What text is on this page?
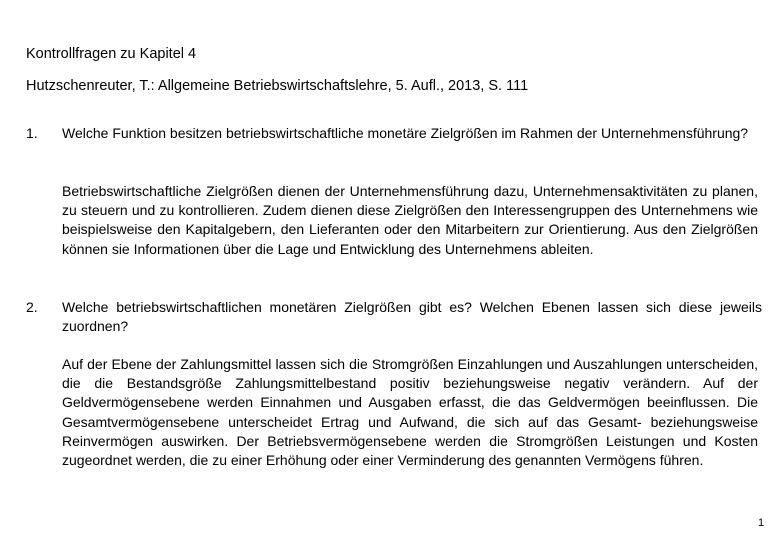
Kontrollfragen zu Kapitel 4
Hutzschenreuter, T.: Allgemeine Betriebswirtschaftslehre, 5. Aufl., 2013, S. 111
1. Welche Funktion besitzen betriebswirtschaftliche monetäre Zielgrößen im Rahmen der Unternehmensführung?
Betriebswirtschaftliche Zielgrößen dienen der Unternehmensführung dazu, Unternehmensaktivitäten zu planen, zu steuern und zu kontrollieren. Zudem dienen diese Zielgrößen den Interessengruppen des Unternehmens wie beispielsweise den Kapitalgebern, den Lieferanten oder den Mitarbeitern zur Orientierung. Aus den Zielgrößen können sie Informationen über die Lage und Entwicklung des Unternehmens ableiten.
2. Welche betriebswirtschaftlichen monetären Zielgrößen gibt es? Welchen Ebenen lassen sich diese jeweils zuordnen?
Auf der Ebene der Zahlungsmittel lassen sich die Stromgrößen Einzahlungen und Auszahlungen unterscheiden, die die Bestandsgröße Zahlungsmittelbestand positiv beziehungsweise negativ verändern. Auf der Geldvermögensebene werden Einnahmen und Ausgaben erfasst, die das Geldvermögen beeinflussen. Die Gesamtvermögensebene unterscheidet Ertrag und Aufwand, die sich auf das Gesamt- beziehungsweise Reinvermögen auswirken. Der Betriebsvermögensebene werden die Stromgrößen Leistungen und Kosten zugeordnet werden, die zu einer Erhöhung oder einer Verminderung des genannten Vermögens führen.
1
